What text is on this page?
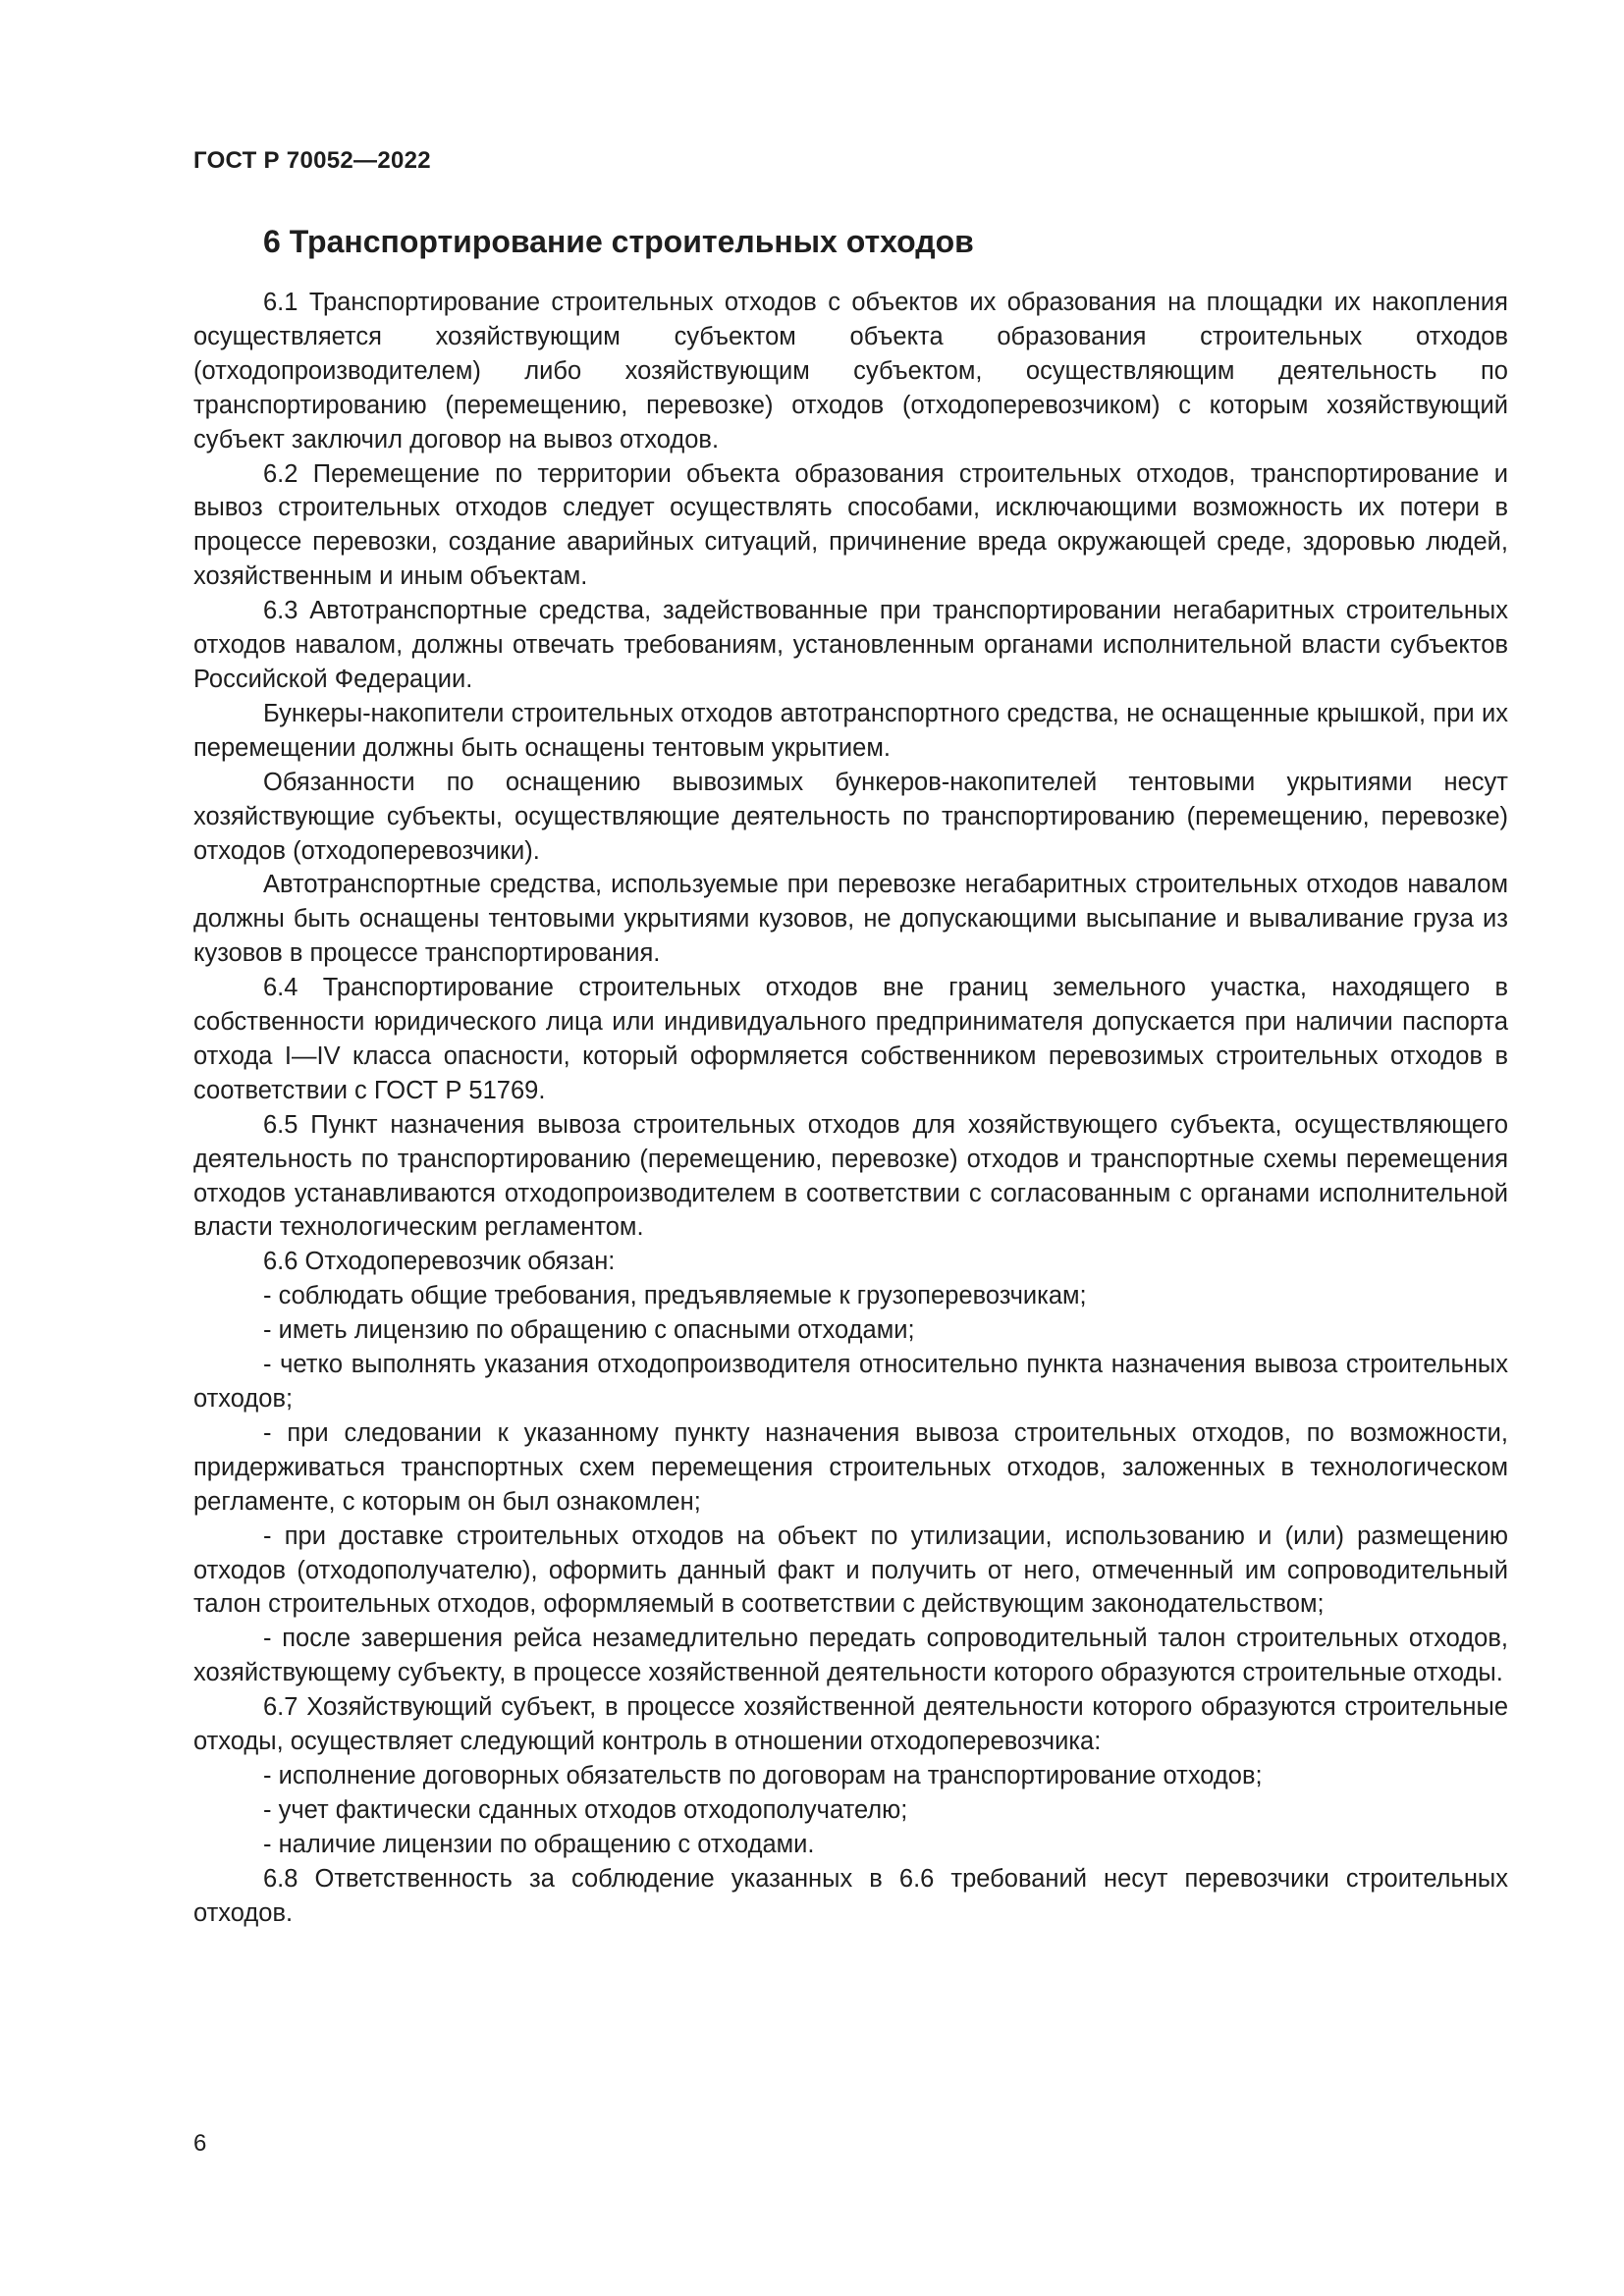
ГОСТ Р 70052—2022
6 Транспортирование строительных отходов

6.1 Транспортирование строительных отходов с объектов их образования на площадки их накопления осуществляется хозяйствующим субъектом объекта образования строительных отходов (отходопроизводителем) либо хозяйствующим субъектом, осуществляющим деятельность по транспортированию (перемещению, перевозке) отходов (отходоперевозчиком) с которым хозяйствующий субъект заключил договор на вывоз отходов.

6.2 Перемещение по территории объекта образования строительных отходов, транспортирование и вывоз строительных отходов следует осуществлять способами, исключающими возможность их потери в процессе перевозки, создание аварийных ситуаций, причинение вреда окружающей среде, здоровью людей, хозяйственным и иным объектам.

6.3 Автотранспортные средства, задействованные при транспортировании негабаритных строительных отходов навалом, должны отвечать требованиям, установленным органами исполнительной власти субъектов Российской Федерации.

Бункеры-накопители строительных отходов автотранспортного средства, не оснащенные крышкой, при их перемещении должны быть оснащены тентовым укрытием.

Обязанности по оснащению вывозимых бункеров-накопителей тентовыми укрытиями несут хозяйствующие субъекты, осуществляющие деятельность по транспортированию (перемещению, перевозке) отходов (отходоперевозчики).

Автотранспортные средства, используемые при перевозке негабаритных строительных отходов навалом должны быть оснащены тентовыми укрытиями кузовов, не допускающими высыпание и вываливание груза из кузовов в процессе транспортирования.

6.4 Транспортирование строительных отходов вне границ земельного участка, находящего в собственности юридического лица или индивидуального предпринимателя допускается при наличии паспорта отхода I—IV класса опасности, который оформляется собственником перевозимых строительных отходов в соответствии с ГОСТ Р 51769.

6.5 Пункт назначения вывоза строительных отходов для хозяйствующего субъекта, осуществляющего деятельность по транспортированию (перемещению, перевозке) отходов и транспортные схемы перемещения отходов устанавливаются отходопроизводителем в соответствии с согласованным с органами исполнительной власти технологическим регламентом.

6.6 Отходоперевозчик обязан:

- соблюдать общие требования, предъявляемые к грузоперевозчикам;

- иметь лицензию по обращению с опасными отходами;

- четко выполнять указания отходопроизводителя относительно пункта назначения вывоза строительных отходов;

- при следовании к указанному пункту назначения вывоза строительных отходов, по возможности, придерживаться транспортных схем перемещения строительных отходов, заложенных в технологическом регламенте, с которым он был ознакомлен;

- при доставке строительных отходов на объект по утилизации, использованию и (или) размещению отходов (отходополучателю), оформить данный факт и получить от него, отмеченный им сопроводительный талон строительных отходов, оформляемый в соответствии с действующим законодательством;

- после завершения рейса незамедлительно передать сопроводительный талон строительных отходов, хозяйствующему субъекту, в процессе хозяйственной деятельности которого образуются строительные отходы.

6.7 Хозяйствующий субъект, в процессе хозяйственной деятельности которого образуются строительные отходы, осуществляет следующий контроль в отношении отходоперевозчика:

- исполнение договорных обязательств по договорам на транспортирование отходов;

- учет фактически сданных отходов отходополучателю;

- наличие лицензии по обращению с отходами.

6.8 Ответственность за соблюдение указанных в 6.6 требований несут перевозчики строительных отходов.

6
